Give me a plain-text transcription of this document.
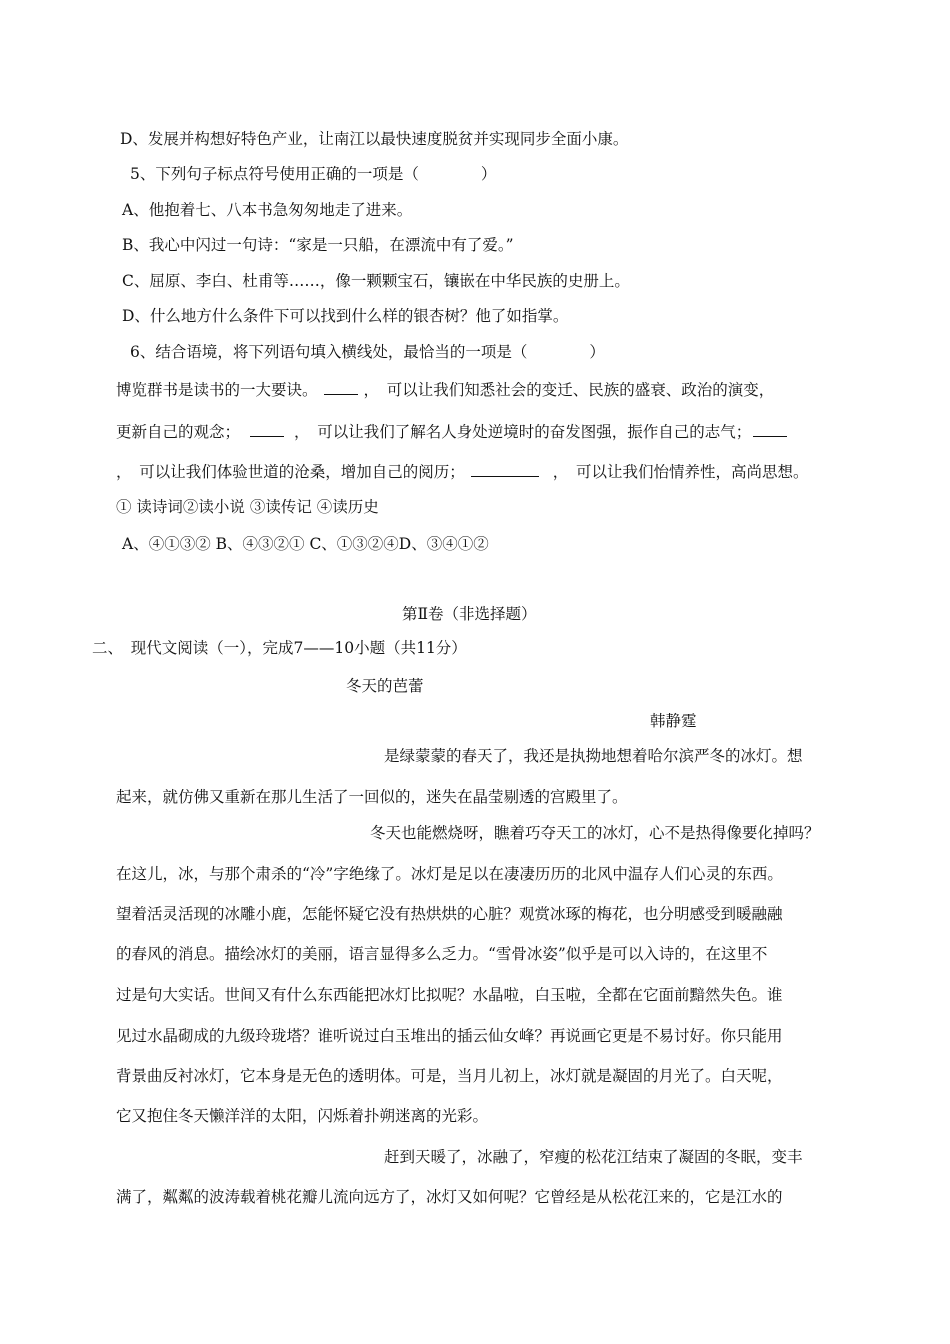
D、发展并构想好特色产业，让南江以最快速度脱贫并实现同步全面小康。
5、下列句子标点符号使用正确的一项是（　　　　）
A、他抱着七、八本书急匆匆地走了进来。
B、我心中闪过一句诗：“家是一只船，在漂流中有了爱。”
C、屈原、李白、杜甫等……，像一颗颗宝石，镶嵌在中华民族的史册上。
D、什么地方什么条件下可以找到什么样的银杏树？他了如指掌。
6、结合语境，将下列语句填入横线处，最恰当的一项是（　　　　）
博览群书是读书的一大要诀。	，　可以让我们知悉社会的变迁、民族的盛衰、政治的演变，
更新自己的观念；	，　可以让我们了解名人身处逆境时的奋发图强，振作自己的志气；
，　可以让我们体验世道的沧桑，增加自己的阅历；	，　可以让我们怡情养性，高尚思想。
① 读诗词②读小说 ③读传记 ④读历史
A、④①③② B、④③②① C、①③②④D、③④①②
第Ⅱ卷（非选择题）
二、　现代文阅读（一），完成7——10小题（共11分）
冬天的芭蕾
韩静霆
是绿蒙蒙的春天了，我还是执拗地想着哈尔滨严冬的冰灯。想
起来，就仿佛又重新在那儿生活了一回似的，迷失在晶莹剔透的宫殿里了。
冬天也能燃烧呀，瞧着巧夺天工的冰灯，心不是热得像要化掉吗？
在这儿，冰，与那个肃杀的“冷”字绝缘了。冰灯是足以在凄凄历历的北风中温存人们心灵的东西。
望着活灵活现的冰雕小鹿，怎能怀疑它没有热烘烘的心脏？观赏冰琢的梅花，也分明感受到暖融融
的春风的消息。描绘冰灯的美丽，语言显得多么乏力。“雪骨冰姿”似乎是可以入诗的，在这里不
过是句大实话。世间又有什么东西能把冰灯比拟呢？水晶啦，白玉啦，全都在它面前黯然失色。谁
见过水晶砌成的九级玲珑塔？谁听说过白玉堆出的插云仙女峰？再说画它更是不易讨好。你只能用
背景曲反衬冰灯，它本身是无色的透明体。可是，当月儿初上，冰灯就是凝固的月光了。白天呢，
它又抱住冬天懒洋洋的太阳，闪烁着扑朔迷离的光彩。
赶到天暖了，冰融了，窄瘦的松花江结束了凝固的冬眠，变丰
满了，粼粼的波涛载着桃花瓣儿流向远方了，冰灯又如何呢？它曾经是从松花江来的，它是江水的
